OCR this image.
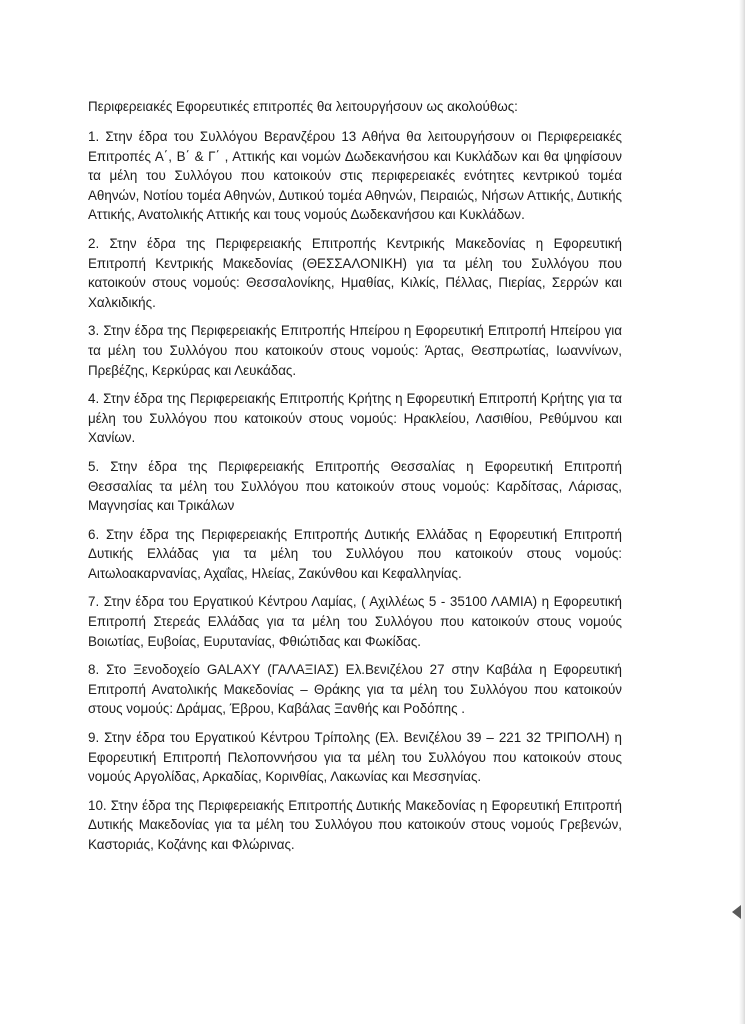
Περιφερειακές Εφορευτικές επιτροπές θα λειτουργήσουν ως ακολούθως:

1. Στην έδρα του Συλλόγου Βερανζέρου 13 Αθήνα θα λειτουργήσουν οι Περιφερειακές Επιτροπές Α΄, Β΄ & Γ΄ , Αττικής και νομών Δωδεκανήσου και Κυκλάδων και θα ψηφίσουν τα μέλη του Συλλόγου που κατοικούν στις περιφερειακές ενότητες κεντρικού τομέα Αθηνών, Νοτίου τομέα Αθηνών, Δυτικού τομέα Αθηνών, Πειραιώς, Νήσων Αττικής, Δυτικής Αττικής, Ανατολικής Αττικής και τους νομούς Δωδεκανήσου και Κυκλάδων.

2. Στην έδρα της Περιφερειακής Επιτροπής Κεντρικής Μακεδονίας η Εφορευτική Επιτροπή Κεντρικής Μακεδονίας (ΘΕΣΣΑΛΟΝΙΚΗ) για τα μέλη του Συλλόγου που κατοικούν στους νομούς: Θεσσαλονίκης, Ημαθίας, Κιλκίς, Πέλλας, Πιερίας, Σερρών και Χαλκιδικής.

3. Στην έδρα της Περιφερειακής Επιτροπής Ηπείρου η Εφορευτική Επιτροπή Ηπείρου για τα μέλη του Συλλόγου που κατοικούν στους νομούς: Άρτας, Θεσπρωτίας, Ιωαννίνων, Πρεβέζης, Κερκύρας και Λευκάδας.

4. Στην έδρα της Περιφερειακής Επιτροπής Κρήτης η Εφορευτική Επιτροπή Κρήτης για τα μέλη του Συλλόγου που κατοικούν στους νομούς: Ηρακλείου, Λασιθίου, Ρεθύμνου και Χανίων.

5. Στην έδρα της Περιφερειακής Επιτροπής Θεσσαλίας η Εφορευτική Επιτροπή Θεσσαλίας τα μέλη του Συλλόγου που κατοικούν στους νομούς: Καρδίτσας, Λάρισας, Μαγνησίας και Τρικάλων

6. Στην έδρα της Περιφερειακής Επιτροπής Δυτικής Ελλάδας η Εφορευτική Επιτροπή Δυτικής Ελλάδας για τα μέλη του Συλλόγου που κατοικούν στους νομούς: Αιτωλοακαρνανίας, Αχαΐας, Ηλείας, Ζακύνθου και Κεφαλληνίας.

7. Στην έδρα του Εργατικού Κέντρου Λαμίας, ( Αχιλλέως 5 - 35100 ΛΑΜΙΑ) η Εφορευτική Επιτροπή Στερεάς Ελλάδας για τα μέλη του Συλλόγου που κατοικούν στους νομούς Βοιωτίας, Ευβοίας, Ευρυτανίας, Φθιώτιδας και Φωκίδας.

8. Στο Ξενοδοχείο GALAXY (ΓΑΛΑΞΙΑΣ) Ελ.Βενιζέλου 27 στην Καβάλα η Εφορευτική Επιτροπή Ανατολικής Μακεδονίας – Θράκης για τα μέλη του Συλλόγου που κατοικούν στους νομούς: Δράμας, Έβρου, Καβάλας Ξανθής και Ροδόπης .

9. Στην έδρα του Εργατικού Κέντρου Τρίπολης (Ελ. Βενιζέλου 39 – 221 32 ΤΡΙΠΟΛΗ) η Εφορευτική Επιτροπή Πελοποννήσου για τα μέλη του Συλλόγου που κατοικούν στους νομούς Αργολίδας, Αρκαδίας, Κορινθίας, Λακωνίας και Μεσσηνίας.

10. Στην έδρα της Περιφερειακής Επιτροπής Δυτικής Μακεδονίας η Εφορευτική Επιτροπή Δυτικής Μακεδονίας για τα μέλη του Συλλόγου που κατοικούν στους νομούς Γρεβενών, Καστοριάς, Κοζάνης και Φλώρινας.
